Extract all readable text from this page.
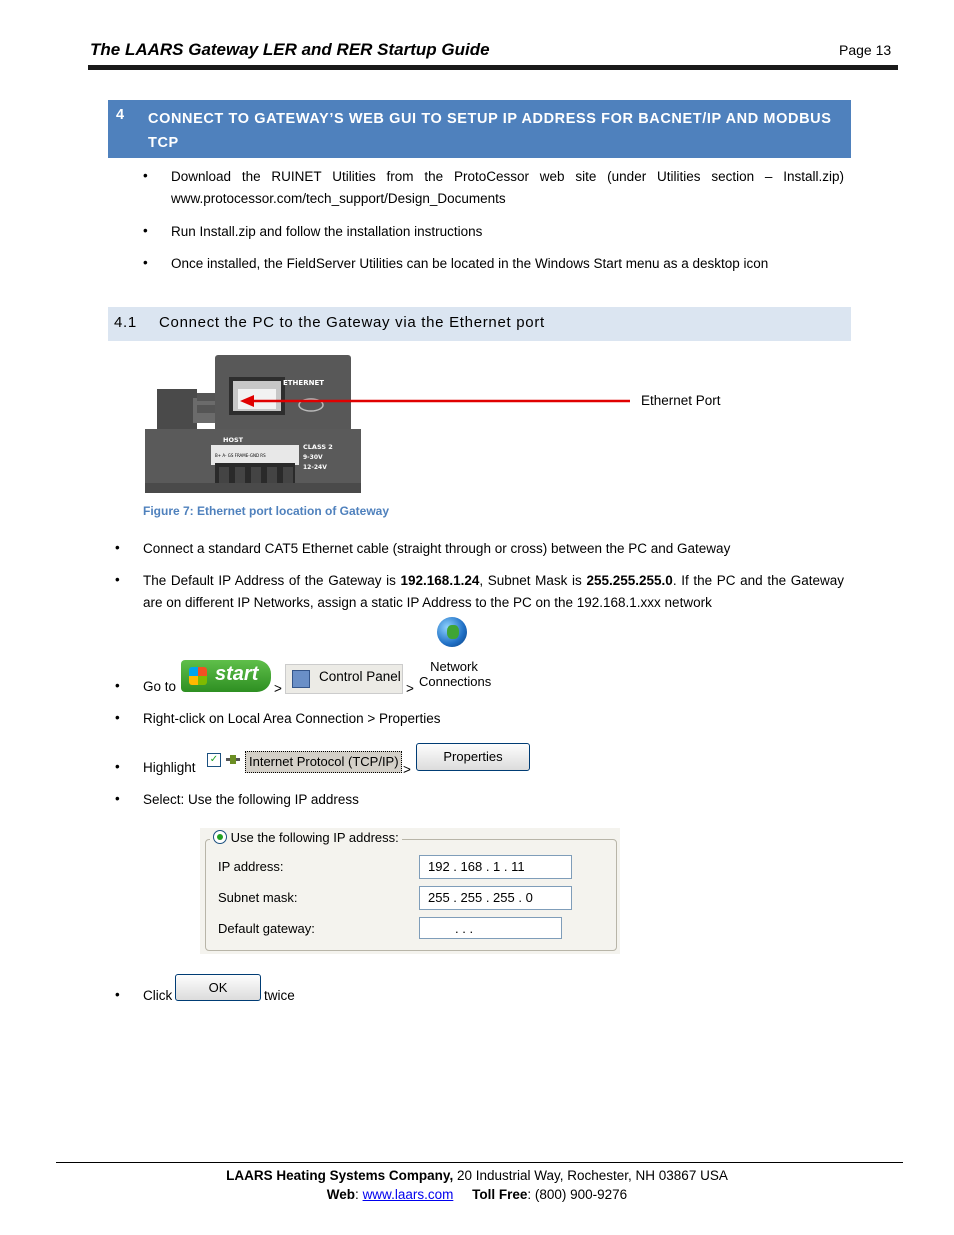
The LAARS Gateway LER and RER Startup Guide	Page 13
4 CONNECT TO GATEWAY’S WEB GUI TO SETUP IP ADDRESS FOR BACNET/IP AND MODBUS TCP
• Download the RUINET Utilities from the ProtoCessor web site (under Utilities section – Install.zip) www.protocessor.com/tech_support/Design_Documents
• Run Install.zip and follow the installation instructions
• Once installed, the FieldServer Utilities can be located in the Windows Start menu as a desktop icon
4.1 Connect the PC to the Gateway via the Ethernet port
ETHERNET
HOST
B+ A- GS FRAME-GND RS
CLASS 2
9-30V
12-24V
Ethernet Port
Figure 7: Ethernet port location of Gateway
• Connect a standard CAT5 Ethernet cable (straight through or cross) between the PC and Gateway
• The Default IP Address of the Gateway is 192.168.1.24, Subnet Mask is 255.255.255.0. If the PC and the Gateway are on different IP Networks, assign a static IP Address to the PC on the 192.168.1.xxx network
• Go to
start
>
Control Panel
>
Network
Connections
• Right-click on Local Area Connection > Properties
• Highlight
✓	Internet Protocol (TCP/IP)
>
Properties
• Select: Use the following IP address
Use the following IP address:
IP address:	192 . 168 . 1 . 11
Subnet mask:	255 . 255 . 255 . 0
Default gateway:	. . .
• Click
OK
twice
LAARS Heating Systems Company, 20 Industrial Way, Rochester, NH 03867 USA
Web: www.laars.com Toll Free: (800) 900-9276
